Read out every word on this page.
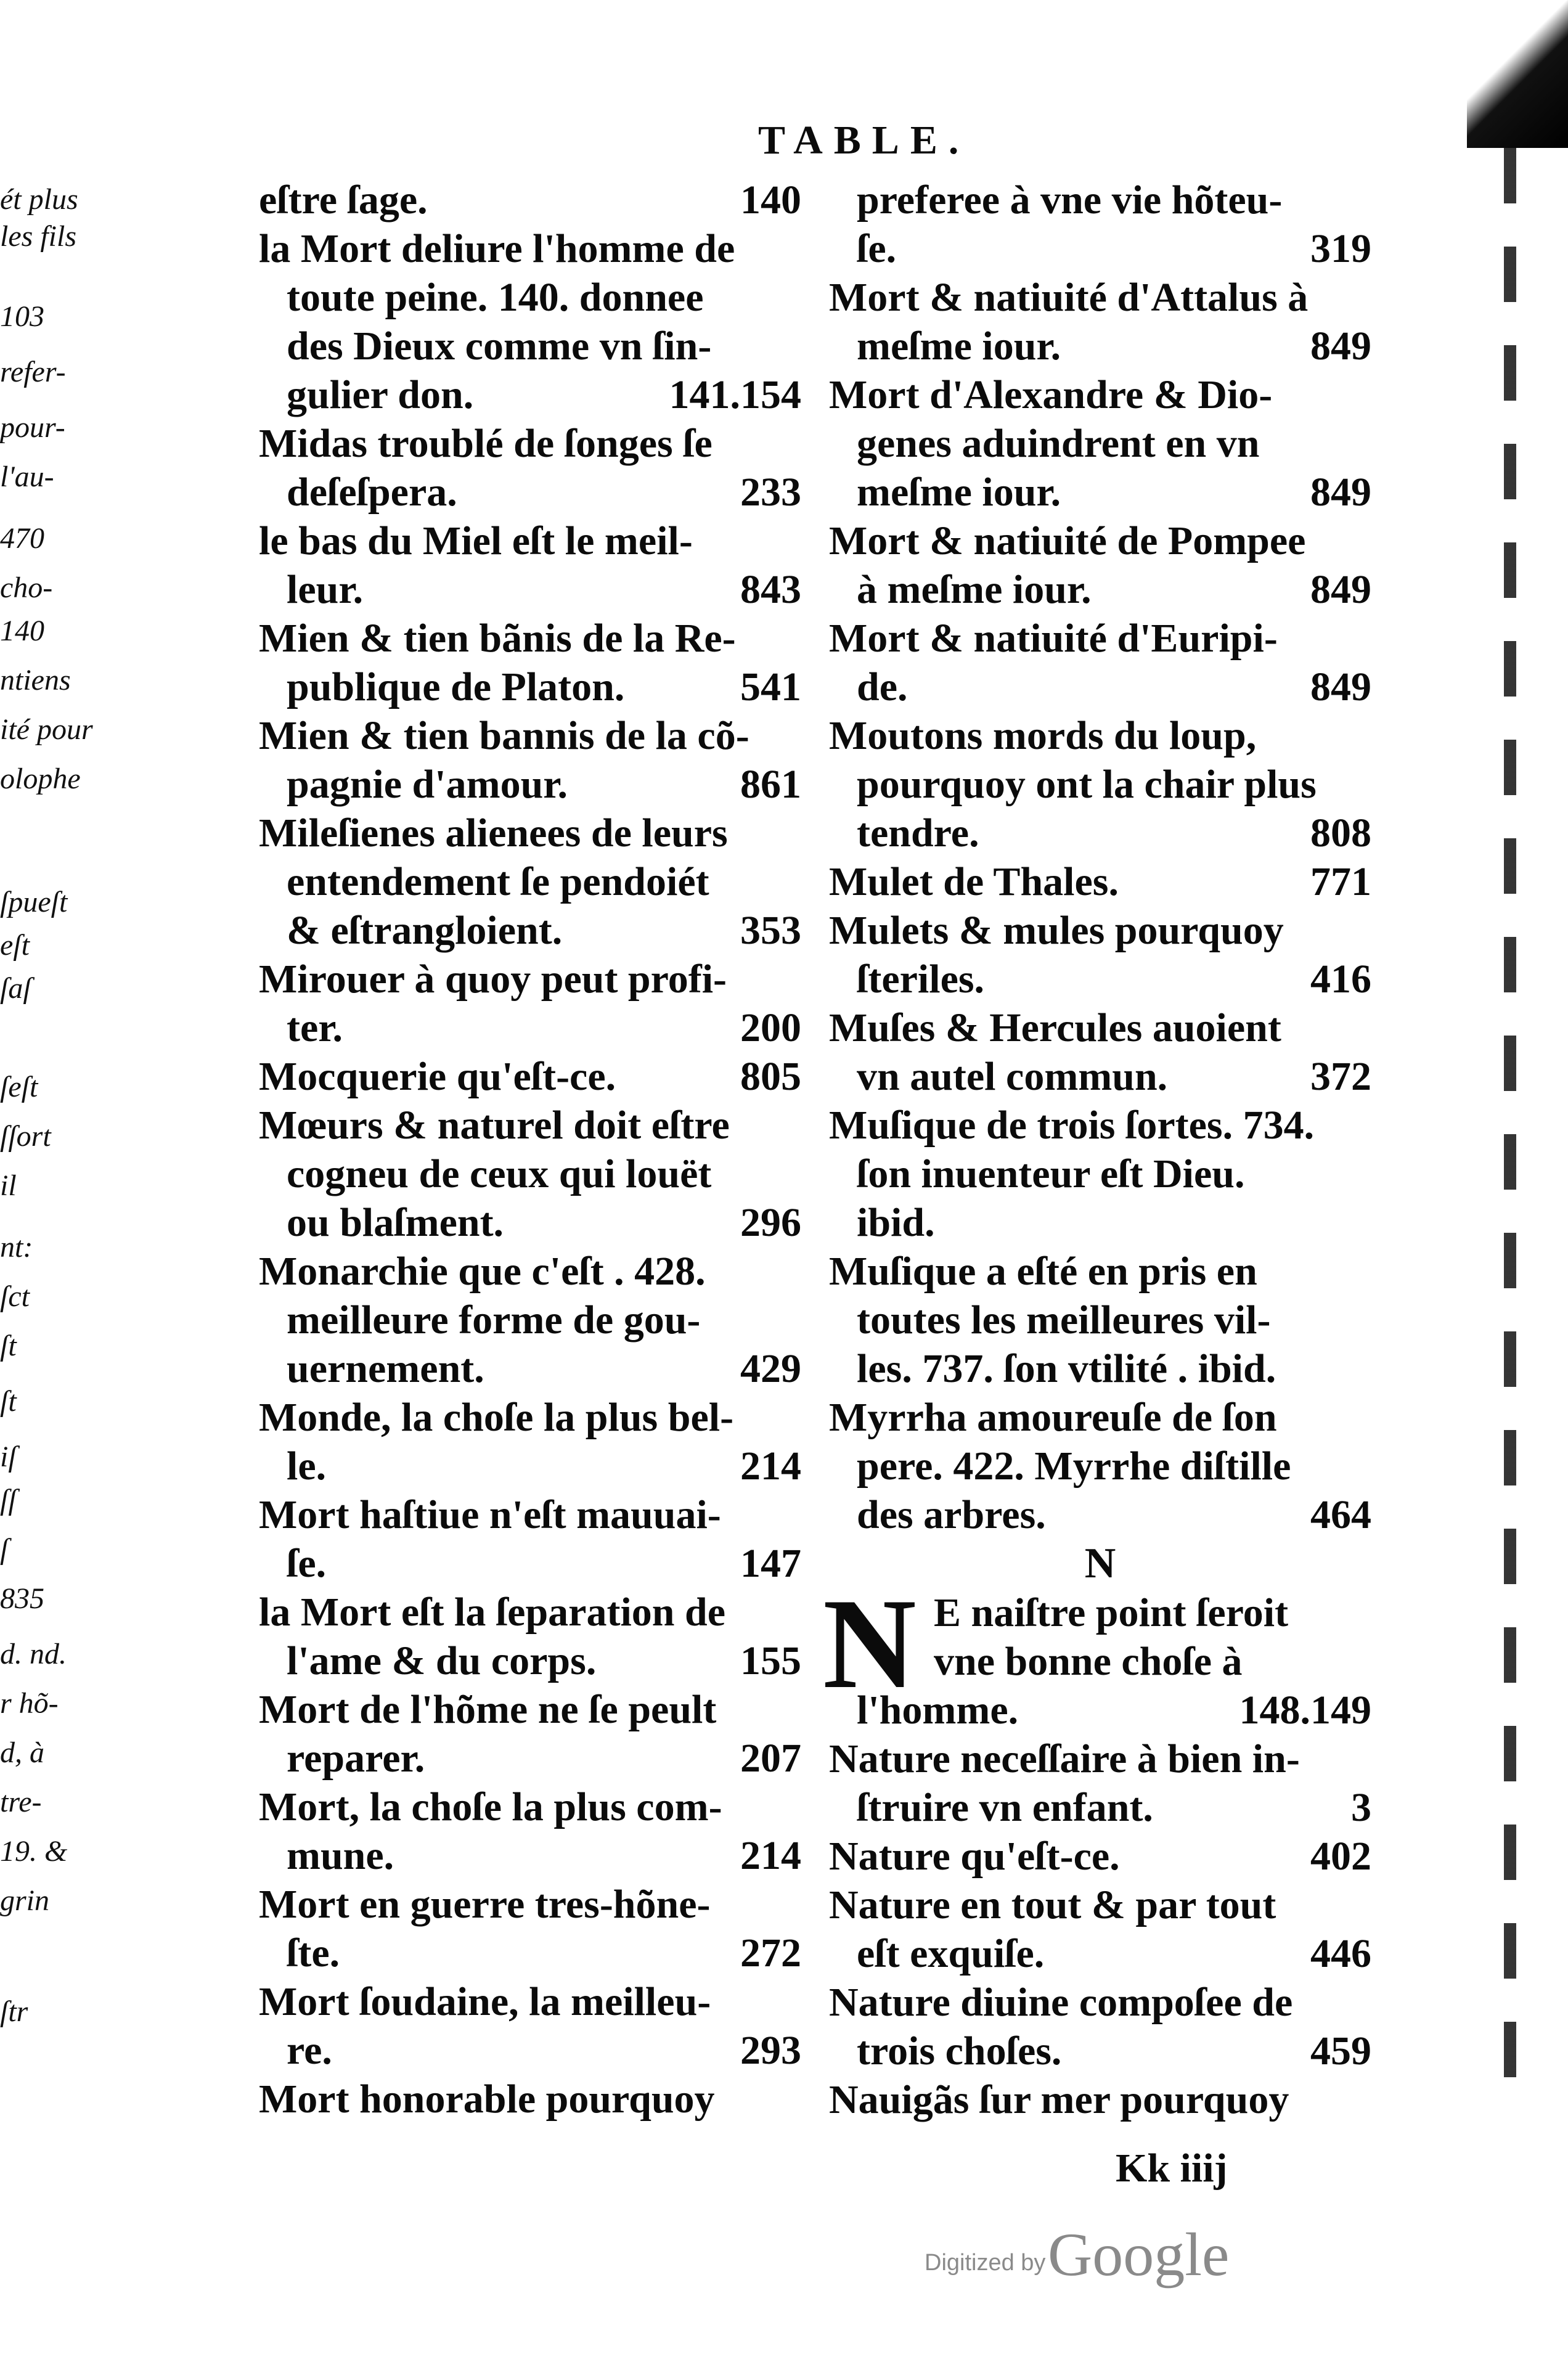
ét plus
les fils
103
refer-
pour-
l'au-
470
cho-
140
ntiens
ité pour
olophe
ſpueſt
eſt
ſaſ
ſeſt
ſſort
il
nt:
ſct
ſt
ſt
iſ
ſſ
ſ
835
d. nd.
r hõ-
d, à
tre-
19. &
grin
ſtr
TABLE.
eſtre ſage.	140
la Mort deliure l'homme de
toute peine. 140. donnee
des Dieux comme vn ſin-
gulier don.	141.154
Midas troublé de ſonges ſe
deſeſpera.	233
le bas du Miel eſt le meil-
leur.	843
Mien & tien bãnis de la Re-
publique de Platon.	541
Mien & tien bannis de la cõ-
pagnie d'amour.	861
Mileſienes alienees de leurs
entendement ſe pendoiét
& eſtrangloient.	353
Mirouer à quoy peut profi-
ter.	200
Mocquerie qu'eſt-ce.	805
Mœurs & naturel doit eſtre
cogneu de ceux qui louët
ou blaſment.	296
Monarchie que c'eſt . 428.
meilleure forme de gou-
uernement.	429
Monde, la choſe la plus bel-
le.	214
Mort haſtiue n'eſt mauuai-
ſe.	147
la Mort eſt la ſeparation de
l'ame & du corps.	155
Mort de l'hõme ne ſe peult
reparer.	207
Mort, la choſe la plus com-
mune.	214
Mort en guerre tres-hõne-
ſte.	272
Mort ſoudaine, la meilleu-
re.	293
Mort honorable pourquoy
preferee à vne vie hõteu-
ſe.	319
Mort & natiuité d'Attalus à
meſme iour.	849
Mort d'Alexandre & Dio-
genes aduindrent en vn
meſme iour.	849
Mort & natiuité de Pompee
à meſme iour.	849
Mort & natiuité d'Euripi-
de.	849
Moutons mords du loup,
pourquoy ont la chair plus
tendre.	808
Mulet de Thales.	771
Mulets & mules pourquoy
ſteriles.	416
Muſes & Hercules auoient
vn autel commun.	372
Muſique de trois ſortes. 734.
ſon inuenteur eſt Dieu.
ibid.
Muſique a eſté en pris en
toutes les meilleures vil-
les. 737. ſon vtilité . ibid.
Myrrha amoureuſe de ſon
pere. 422. Myrrhe diſtille
des arbres.	464
N
N E naiſtre point ſeroit
vne bonne choſe à
l'homme.	148.149
Nature neceſſaire à bien in-
ſtruire vn enfant.	3
Nature qu'eſt-ce.	402
Nature en tout & par tout
eſt exquiſe.	446
Nature diuine compoſee de
trois choſes.	459
Nauigãs ſur mer pourquoy
Kk iiij
Digitized by Google
